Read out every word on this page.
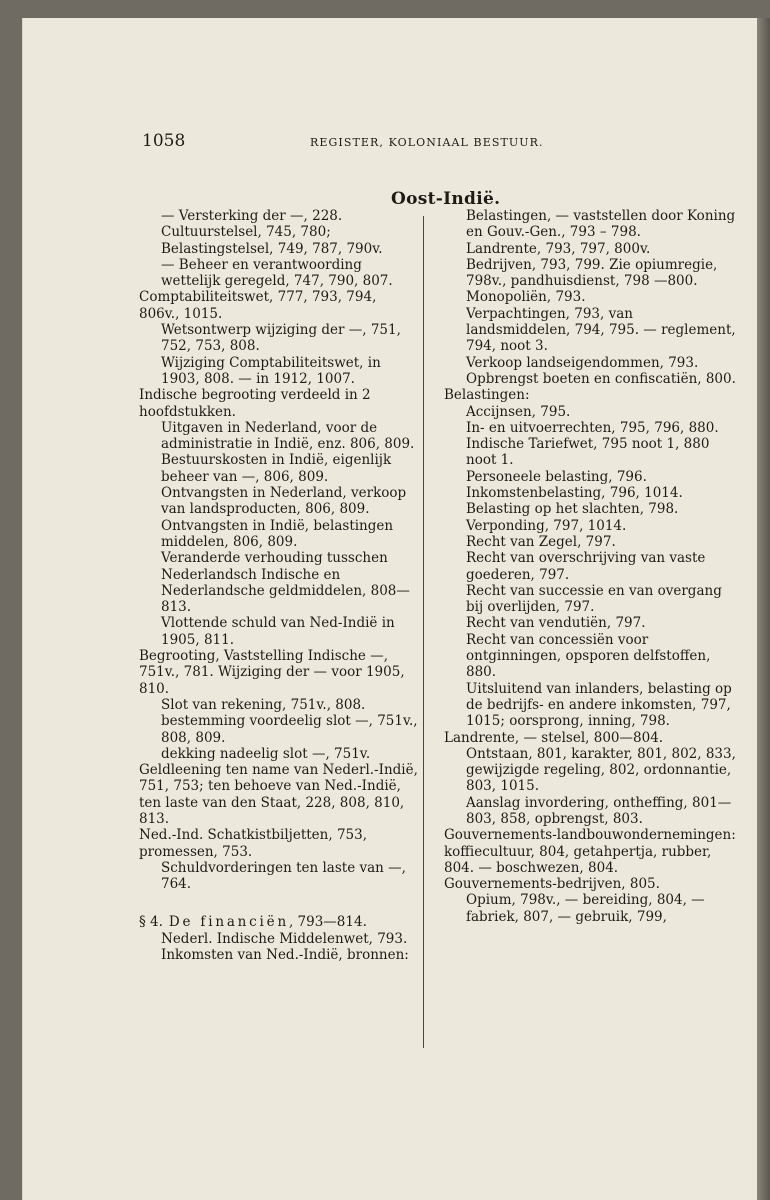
1058	REGISTER, KOLONIAAL BESTUUR.
Oost-Indië.

— Versterking der —, 228.

Cultuurstelsel, 745, 780; Belastingstelsel, 749, 787, 790v.

— Beheer en verantwoording wettelijk geregeld, 747, 790, 807.

Comptabiliteitswet, 777, 793, 794, 806v., 1015.

Wetsontwerp wijziging der —, 751, 752, 753, 808.

Wijziging Comptabiliteitswet, in 1903, 808. — in 1912, 1007.

Indische begrooting verdeeld in 2 hoofdstukken.

Uitgaven in Nederland, voor de administratie in Indië, enz. 806, 809.

Bestuurskosten in Indië, eigenlijk beheer van —, 806, 809.

Ontvangsten in Nederland, verkoop van landsproducten, 806, 809.

Ontvangsten in Indië, belastingen middelen, 806, 809.

Veranderde verhouding tusschen Nederlandsch Indische en Nederlandsche geldmiddelen, 808—813.

Vlottende schuld van Ned-Indië in 1905, 811.

Begrooting, Vaststelling Indische —, 751v., 781. Wijziging der — voor 1905, 810.

Slot van rekening, 751v., 808.

bestemming voordeelig slot —, 751v., 808, 809.

dekking nadeelig slot —, 751v.

Geldleening ten name van Nederl.-Indië, 751, 753; ten behoeve van Ned.-Indië, ten laste van den Staat, 228, 808, 810, 813.

Ned.-Ind. Schatkistbiljetten, 753, promessen, 753.

Schuldvorderingen ten laste van —, 764.

§ 4. De financiën, 793—814.

Nederl. Indische Middelenwet, 793.

Inkomsten van Ned.-Indië, bronnen:

Belastingen, — vaststellen door Koning en Gouv.-Gen., 793 – 798.

Landrente, 793, 797, 800v.

Bedrijven, 793, 799. Zie opiumregie, 798v., pandhuisdienst, 798 —800.

Monopoliën, 793.

Verpachtingen, 793, van landsmiddelen, 794, 795. — reglement, 794, noot 3.

Verkoop landseigendommen, 793.

Opbrengst boeten en confiscatiën, 800.

Belastingen:

Accijnsen, 795.

In- en uitvoerrechten, 795, 796, 880. Indische Tariefwet, 795 noot 1, 880 noot 1.

Personeele belasting, 796.

Inkomstenbelasting, 796, 1014.

Belasting op het slachten, 798.

Verponding, 797, 1014.

Recht van Zegel, 797.

Recht van overschrijving van vaste goederen, 797.

Recht van successie en van overgang bij overlijden, 797.

Recht van vendutiën, 797.

Recht van concessiën voor ontginningen, opsporen delfstoffen, 880.

Uitsluitend van inlanders, belasting op de bedrijfs- en andere inkomsten, 797, 1015; oorsprong, inning, 798.

Landrente, — stelsel, 800—804.

Ontstaan, 801, karakter, 801, 802, 833, gewijzigde regeling, 802, ordonnantie, 803, 1015.

Aanslag invordering, ontheffing, 801—803, 858, opbrengst, 803.

Gouvernements-landbouwondernemingen: koffiecultuur, 804, getahpertja, rubber, 804. — boschwezen, 804.

Gouvernements-bedrijven, 805.

Opium, 798v., — bereiding, 804, — fabriek, 807, — gebruik, 799,
